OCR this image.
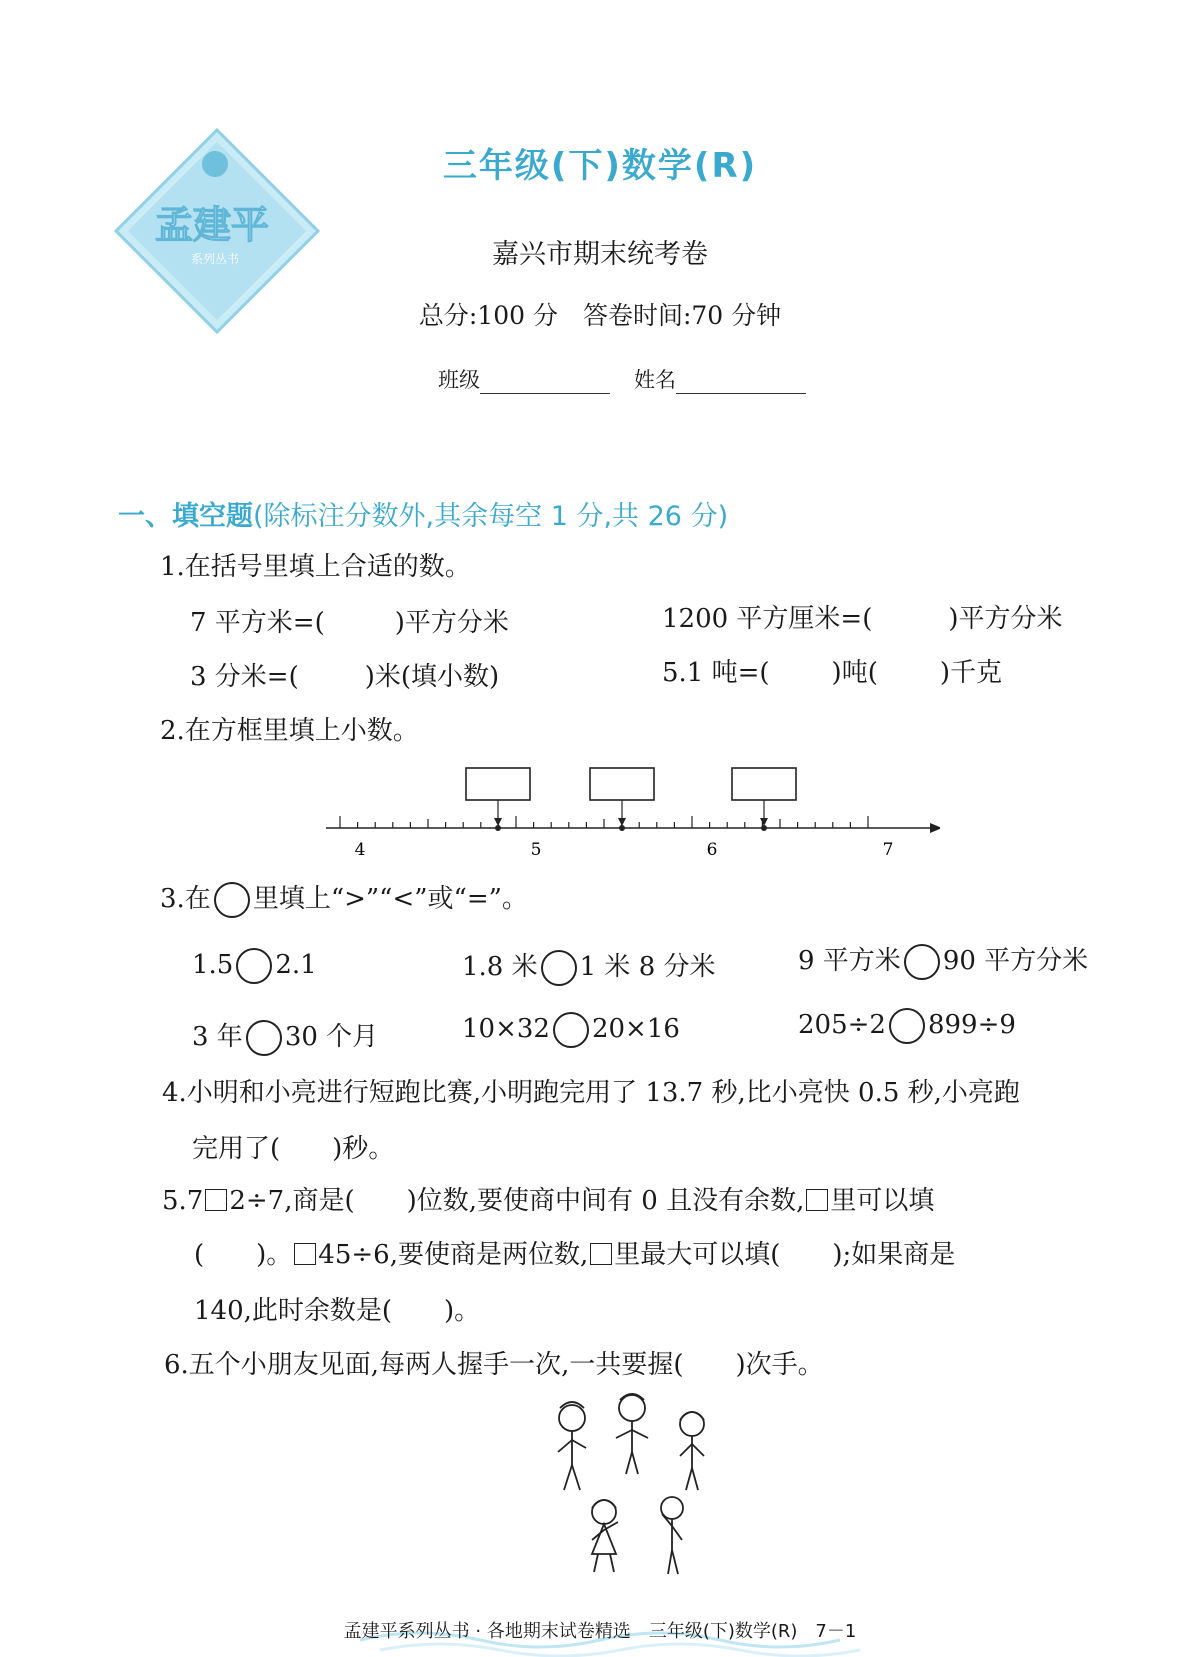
孟建平
系列丛书
三年级(下)数学(R)
嘉兴市期末统考卷
总分:100 分　答卷时间:70 分钟
班级	姓名
一、填空题(除标注分数外,其余每空 1 分,共 26 分)
1.在括号里填上合适的数。
7 平方米=(	)平方分米	1200 平方厘米=(	)平方分米
3 分米=(	)米(填小数)	5.1 吨=( )吨( )千克
2.在方框里填上小数。
4	5	6	7
3.在 里填上“>”“<”或“=”。
1.5 2.1	1.8 米 1 米 8 分米	9 平方米 90 平方分米
3 年 30 个月	10×32 20×16	205÷2 899÷9
4.小明和小亮进行短跑比赛,小明跑完用了 13.7 秒,比小亮快 0.5 秒,小亮跑
完用了(　　)秒。
5.7 2÷7,商是(　　)位数,要使商中间有 0 且没有余数, 里可以填
(　　)。 45÷6,要使商是两位数, 里最大可以填(　　);如果商是
140,此时余数是(　　)。
6.五个小朋友见面,每两人握手一次,一共要握(　　)次手。
孟建平系列丛书 · 各地期末试卷精选　三年级(下)数学(R)　7－1
